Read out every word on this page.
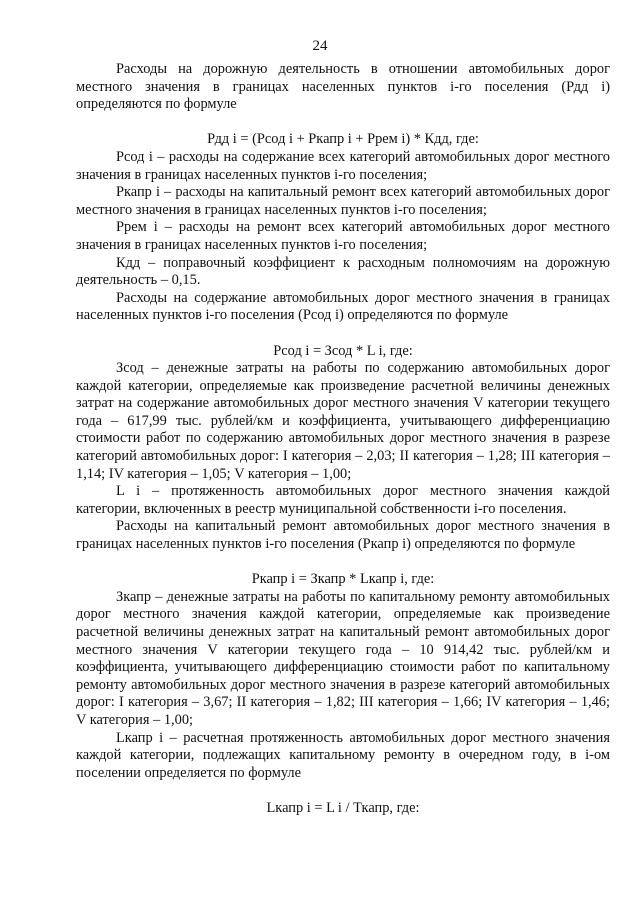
24

Расходы на дорожную деятельность в отношении автомобильных дорог местного значения в границах населенных пунктов i-го поселения (Рдд i) определяются по формуле

Рдд i = (Рсод i + Ркапр i + Ррем i) * Кдд, где:

Рсод i – расходы на содержание всех категорий автомобильных дорог местного значения в границах населенных пунктов i-го поселения;

Ркапр i – расходы на капитальный ремонт всех категорий автомобильных дорог местного значения в границах населенных пунктов i-го поселения;

Ррем i – расходы на ремонт всех категорий автомобильных дорог местного значения в границах населенных пунктов i-го поселения;

Кдд – поправочный коэффициент к расходным полномочиям на дорожную деятельность – 0,15.

Расходы на содержание автомобильных дорог местного значения в границах населенных пунктов i-го поселения (Рсод i) определяются по формуле

Рсод i = Зсод * L i, где:

Зсод – денежные затраты на работы по содержанию автомобильных дорог каждой категории, определяемые как произведение расчетной величины денежных затрат на содержание автомобильных дорог местного значения V категории текущего года – 617,99 тыс. рублей/км и коэффициента, учитывающего дифференциацию стоимости работ по содержанию автомобильных дорог местного значения в разрезе категорий автомобильных дорог: I категория – 2,03; II категория – 1,28; III категория – 1,14; IV категория – 1,05; V категория – 1,00;

L i – протяженность автомобильных дорог местного значения каждой категории, включенных в реестр муниципальной собственности i-го поселения.

Расходы на капитальный ремонт автомобильных дорог местного значения в границах населенных пунктов i-го поселения (Ркапр i) определяются по формуле

Ркапр i = Зкапр * Lкапр i, где:

Зкапр – денежные затраты на работы по капитальному ремонту автомобильных дорог местного значения каждой категории, определяемые как произведение расчетной величины денежных затрат на капитальный ремонт автомобильных дорог местного значения V категории текущего года – 10 914,42 тыс. рублей/км и коэффициента, учитывающего дифференциацию стоимости работ по капитальному ремонту автомобильных дорог местного значения в разрезе категорий автомобильных дорог: I категория – 3,67; II категория – 1,82; III категория – 1,66; IV категория – 1,46; V категория – 1,00;

Lкапр i – расчетная протяженность автомобильных дорог местного значения каждой категории, подлежащих капитальному ремонту в очередном году, в i-ом поселении определяется по формуле

Lкапр i = L i / Ткапр, где:
